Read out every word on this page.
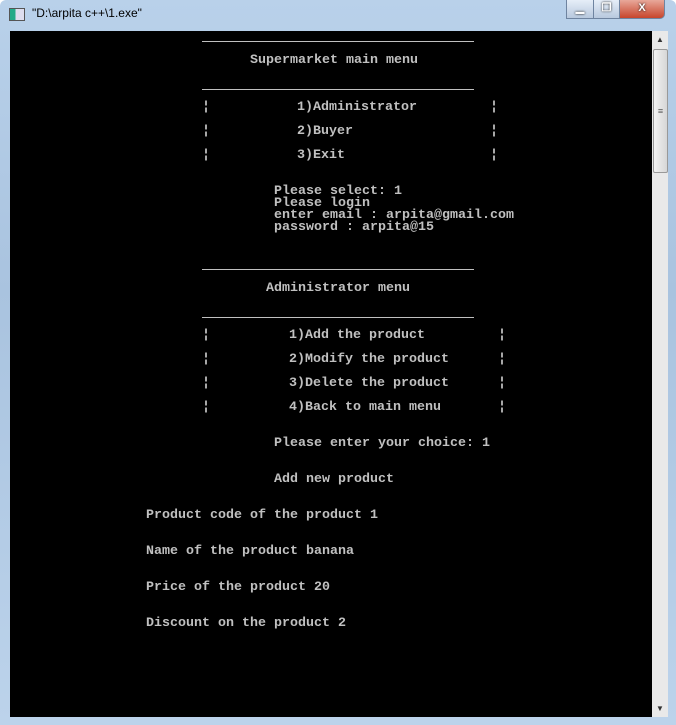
"D:\arpita c++\1.exe"	▁	❐	X
Supermarket main menu
¦	1)Administrator	¦
¦	2)Buyer	¦
¦	3)Exit	¦
Please select: 1
Please login
enter email : arpita@gmail.com
password : arpita@15
Administrator menu
¦	1)Add the product	¦
¦	2)Modify the product	¦
¦	3)Delete the product	¦
¦	4)Back to main menu	¦
Please enter your choice: 1
Add new product
Product code of the product 1
Name of the product banana
Price of the product 20
Discount on the product 2
▲
≡
▼
